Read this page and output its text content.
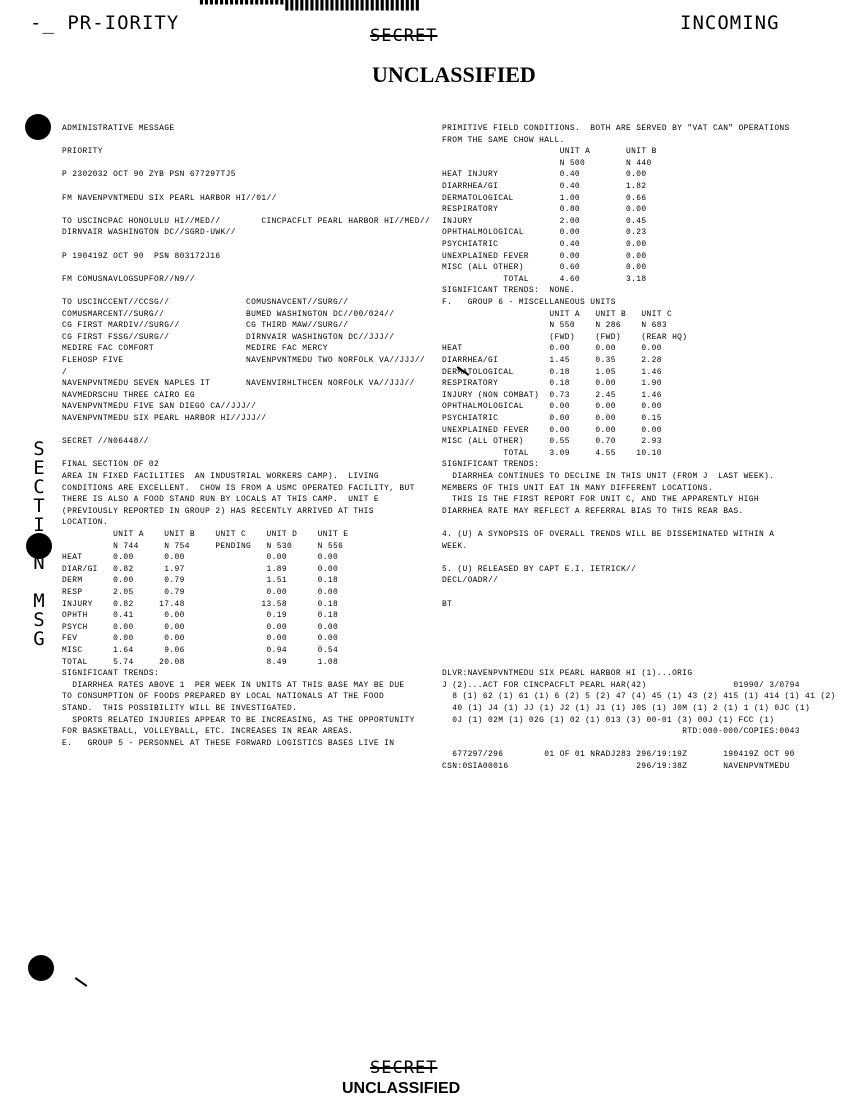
-_ PR-IORITY
▘▘▘▘▘▘▘▘▘▘▘▘▘▘▘▘▘▌▌▌▌▌▌▌▌▌▌▌▌▌▌▌▌▌▌▌▌▌▌▌▌▌▌▌
INCOMING
SECRET
UNCLASSIFIED
S
E
C
T
I
O
N
M
S
G
ADMINISTRATIVE MESSAGE
PRIORITY
P 2302032 OCT 90 ZYB PSN 677297TJ5
FM NAVENPVNTMEDU SIX PEARL HARBOR HI//01//
TO USCINCPAC HONOLULU HI//MED//        CINCPACFLT PEARL HARBOR HI//MED//
DIRNVAIR WASHINGTON DC//SGRD-UWK//
P 190419Z OCT 90  PSN 803172J16
FM COMUSNAVLOGSUPFOR//N9//
TO USCINCCENT//CCSG//               COMUSNAVCENT//SURG//
COMUSMARCENT//SURG//                BUMED WASHINGTON DC//00/024//
CG FIRST MARDIV//SURG//             CG THIRD MAW//SURG//
CG FIRST FSSG//SURG//               DIRNVAIR WASHINGTON DC//JJJ//
MEDIRE FAC COMFORT                  MEDIRE FAC MERCY
FLEHOSP FIVE                        NAVENPVNTMEDU TWO NORFOLK VA//JJJ//
/
NAVENPVNTMEDU SEVEN NAPLES IT       NAVENVIRHLTHCEN NORFOLK VA//JJJ//
NAVMEDRSCHU THREE CAIRO EG
NAVENPVNTMEDU FIVE SAN DIEGO CA//JJJ//
NAVENPVNTMEDU SIX PEARL HARBOR HI//JJJ//
SECRET //N06448//
FINAL SECTION OF 02
AREA IN FIXED FACILITIES  AN INDUSTRIAL WORKERS CAMP).  LIVING
CONDITIONS ARE EXCELLENT.  CHOW IS FROM A USMC OPERATED FACILITY, BUT
THERE IS ALSO A FOOD STAND RUN BY LOCALS AT THIS CAMP.  UNIT E
(PREVIOUSLY REPORTED IN GROUP 2) HAS RECENTLY ARRIVED AT THIS
LOCATION.
UNIT A    UNIT B    UNIT C    UNIT D    UNIT E
N 744     N 754     PENDING   N 530     N 556
HEAT      0.00      0.00                0.00      0.00
DIAR/GI   0.82      1.97                1.89      0.00
DERM      0.00      0.79                1.51      0.18
RESP      2.05      0.79                0.00      0.00
INJURY    0.82     17.48               13.58      0.18
OPHTH     0.41      0.00                0.19      0.18
PSYCH     0.00      0.00                0.00      0.00
FEV       0.00      0.00                0.00      0.00
MISC      1.64      9.06                0.94      0.54
TOTAL     5.74     20.08                8.49      1.08
SIGNIFICANT TRENDS:
DIARRHEA RATES ABOVE 1  PER WEEK IN UNITS AT THIS BASE MAY BE DUE
TO CONSUMPTION OF FOODS PREPARED BY LOCAL NATIONALS AT THE FOOD
STAND.  THIS POSSIBILITY WILL BE INVESTIGATED.
SPORTS RELATED INJURIES APPEAR TO BE INCREASING, AS THE OPPORTUNITY
FOR BASKETBALL, VOLLEYBALL, ETC. INCREASES IN REAR AREAS.
E.   GROUP 5 - PERSONNEL AT THESE FORWARD LOGISTICS BASES LIVE IN
PRIMITIVE FIELD CONDITIONS.  BOTH ARE SERVED BY "VAT CAN" OPERATIONS
FROM THE SAME CHOW HALL.
UNIT A       UNIT B
N 500        N 440
HEAT INJURY            0.40         0.00
DIARRHEA/GI            0.40         1.82
DERMATOLOGICAL         1.00         0.66
RESPIRATORY            0.80         0.00
INJURY                 2.00         0.45
OPHTHALMOLOGICAL       0.00         0.23
PSYCHIATRIC            0.40         0.00
UNEXPLAINED FEVER      0.00         0.00
MISC (ALL OTHER)       0.60         0.00
TOTAL      4.60         3.18
SIGNIFICANT TRENDS:  NONE.
F.   GROUP 6 - MISCELLANEOUS UNITS
UNIT A   UNIT B   UNIT C
N 550    N 286    N 683
(FWD)    (FWD)    (REAR HQ)
HEAT                 0.00     0.00     0.00
DIARRHEA/GI          1.45     0.35     2.28
DERMATOLOGICAL       0.18     1.05     1.46
RESPIRATORY          0.18     0.00     1.90
INJURY (NON COMBAT)  0.73     2.45     1.46
OPHTHALMOLOGICAL     0.00     0.00     0.00
PSYCHIATRIC          0.00     0.00     0.15
UNEXPLAINED FEVER    0.00     0.00     0.00
MISC (ALL OTHER)     0.55     0.70     2.93
TOTAL    3.09     4.55    10.10
SIGNIFICANT TRENDS:
DIARRHEA CONTINUES TO DECLINE IN THIS UNIT (FROM J  LAST WEEK).
MEMBERS OF THIS UNIT EAT IN MANY DIFFERENT LOCATIONS.
THIS IS THE FIRST REPORT FOR UNIT C, AND THE APPARENTLY HIGH
DIARRHEA RATE MAY REFLECT A REFERRAL BIAS TO THIS REAR BAS.
4. (U) A SYNOPSIS OF OVERALL TRENDS WILL BE DISSEMINATED WITHIN A
WEEK.
5. (U) RELEASED BY CAPT E.I. IETRICK//
DECL/OADR//
BT
DLVR:NAVENPVNTMEDU SIX PEARL HARBOR HI (1)...ORIG
J (2)...ACT FOR CINCPACFLT PEARL HAR(42)                 01990/ 3/0794
8 (1) 62 (1) 61 (1) 6 (2) 5 (2) 47 (4) 45 (1) 43 (2) 415 (1) 414 (1) 41 (2)
40 (1) J4 (1) JJ (1) J2 (1) J1 (1) J0S (1) J0M (1) 2 (1) 1 (1) 0JC (1)
0J (1) 02M (1) 02G (1) 02 (1) 013 (3) 00-01 (3) 00J (1) FCC (1)
RTD:000-000/COPIES:0043
677297/296        01 OF 01 NRADJ283 296/19:19Z       190419Z OCT 90
CSN:0SIA00016                         296/19:38Z       NAVENPVNTMEDU
SECRET
UNCLASSIFIED
